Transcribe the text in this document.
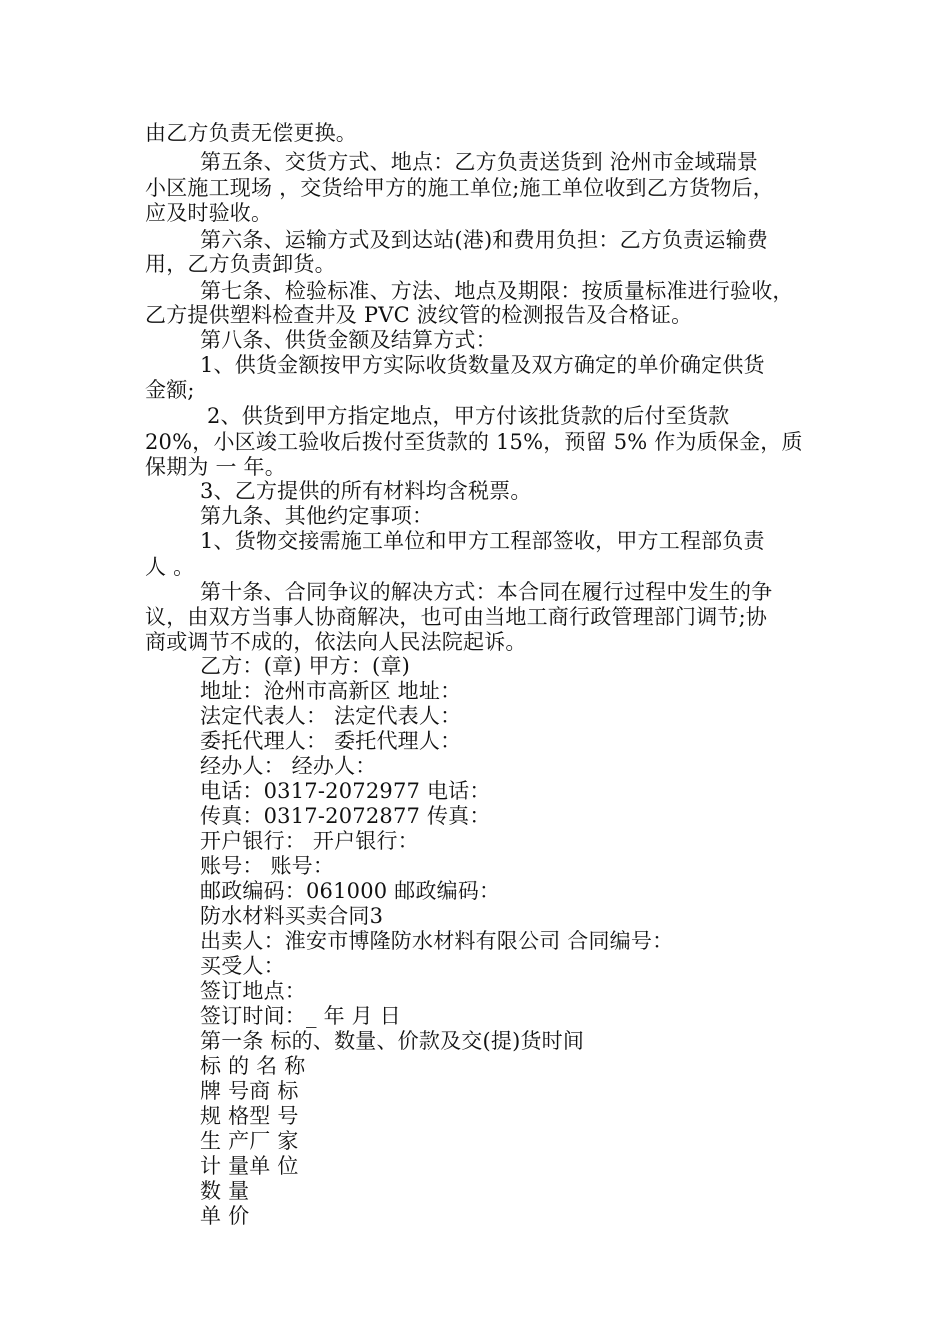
由乙方负责无偿更换。
第五条、交货方式、地点：乙方负责送货到 沧州市金域瑞景
小区施工现场 ，交货给甲方的施工单位;施工单位收到乙方货物后，
应及时验收。
第六条、运输方式及到达站(港)和费用负担：乙方负责运输费
用，乙方负责卸货。
第七条、检验标准、方法、地点及期限：按质量标准进行验收，
乙方提供塑料检查井及 PVC 波纹管的检测报告及合格证。
第八条、供货金额及结算方式：
1、供货金额按甲方实际收货数量及双方确定的单价确定供货
金额;
2、供货到甲方指定地点，甲方付该批货款的后付至货款
20%，小区竣工验收后拨付至货款的 15%，预留 5% 作为质保金，质
保期为 一 年。
3、乙方提供的所有材料均含税票。
第九条、其他约定事项：
1、货物交接需施工单位和甲方工程部签收，甲方工程部负责
人 。
第十条、合同争议的解决方式：本合同在履行过程中发生的争
议，由双方当事人协商解决，也可由当地工商行政管理部门调节;协
商或调节不成的，依法向人民法院起诉。
乙方：(章) 甲方：(章)
地址：沧州市高新区 地址：
法定代表人： 法定代表人：
委托代理人： 委托代理人：
经办人： 经办人：
电话：0317-2072977 电话：
传真：0317-2072877 传真：
开户银行： 开户银行：
账号： 账号：
邮政编码：061000 邮政编码：
防水材料买卖合同3
出卖人：淮安市博隆防水材料有限公司 合同编号：
买受人：
签订地点：
签订时间：_ 年 月 日
第一条 标的、数量、价款及交(提)货时间
标 的 名 称
牌 号商 标
规 格型 号
生 产厂 家
计 量单 位
数 量
单 价
